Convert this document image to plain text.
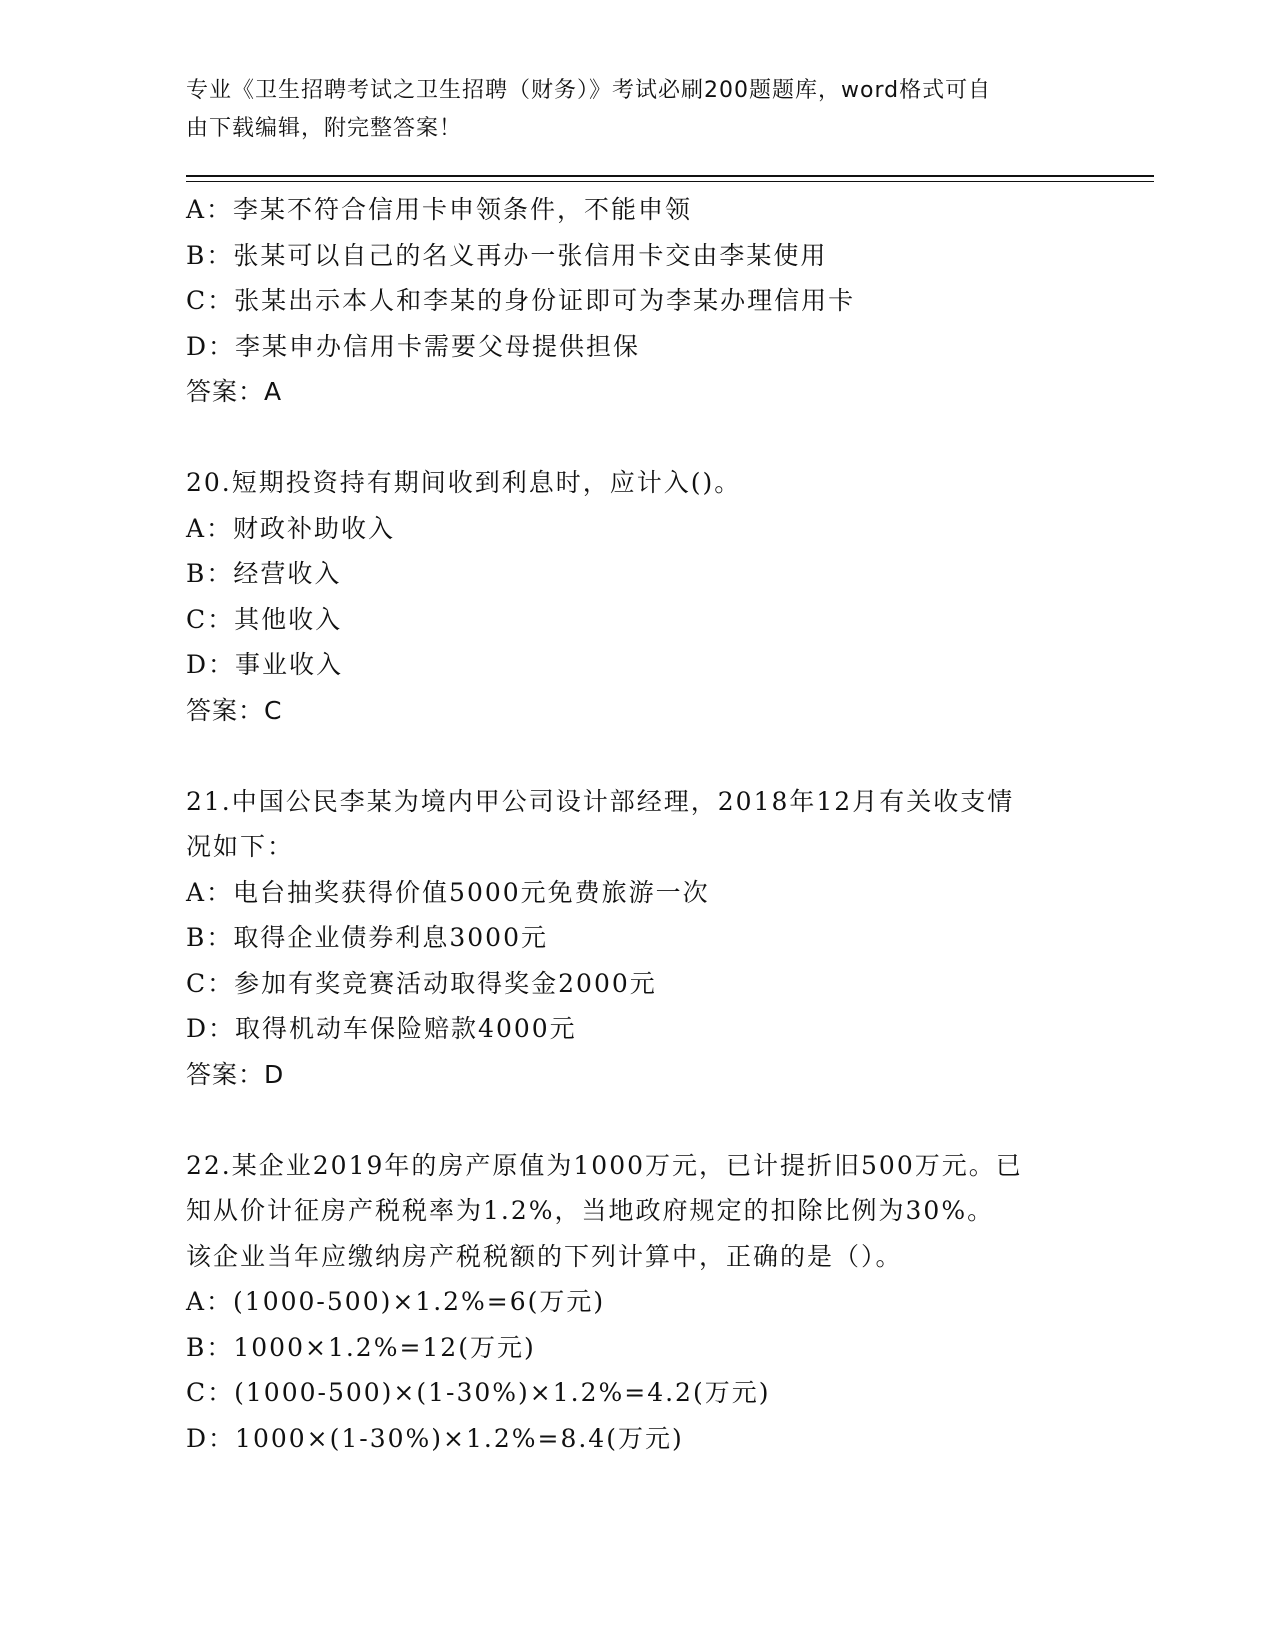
专业《卫生招聘考试之卫生招聘（财务）》考试必刷200题题库，word格式可自
由下载编辑，附完整答案！
A：李某不符合信用卡申领条件，不能申领
B：张某可以自己的名义再办一张信用卡交由李某使用
C：张某出示本人和李某的身份证即可为李某办理信用卡
D：李某申办信用卡需要父母提供担保
答案：A
20.短期投资持有期间收到利息时，应计入()。
A：财政补助收入
B：经营收入
C：其他收入
D：事业收入
答案：C
21.中国公民李某为境内甲公司设计部经理，2018年12月有关收支情
况如下：
A：电台抽奖获得价值5000元免费旅游一次
B：取得企业债券利息3000元
C：参加有奖竞赛活动取得奖金2000元
D：取得机动车保险赔款4000元
答案：D
22.某企业2019年的房产原值为1000万元，已计提折旧500万元。已
知从价计征房产税税率为1.2%，当地政府规定的扣除比例为30%。
该企业当年应缴纳房产税税额的下列计算中，正确的是（）。
A：(1000-500)×1.2%=6(万元)
B：1000×1.2%=12(万元)
C：(1000-500)×(1-30%)×1.2%=4.2(万元)
D：1000×(1-30%)×1.2%=8.4(万元)
